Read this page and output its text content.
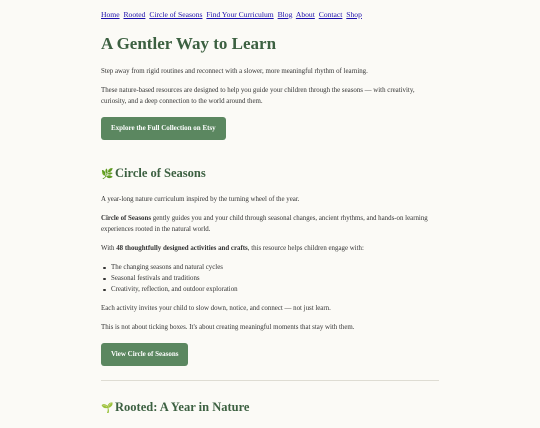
Home Rooted Circle of Seasons Find Your Curriculum Blog About Contact Shop
A Gentler Way to Learn

Step away from rigid routines and reconnect with a slower, more meaningful rhythm of learning.

These nature-based resources are designed to help you guide your children through the seasons — with creativity, curiosity, and a deep connection to the world around them.

Explore the Full Collection on Etsy
🌿 Circle of Seasons

A year-long nature curriculum inspired by the turning wheel of the year.

Circle of Seasons gently guides you and your child through seasonal changes, ancient rhythms, and hands-on learning experiences rooted in the natural world.

With 48 thoughtfully designed activities and crafts, this resource helps children engage with:

The changing seasons and natural cycles
Seasonal festivals and traditions
Creativity, reflection, and outdoor exploration

Each activity invites your child to slow down, notice, and connect — not just learn.

This is not about ticking boxes. It's about creating meaningful moments that stay with them.

View Circle of Seasons
🌱 Rooted: A Year in Nature
